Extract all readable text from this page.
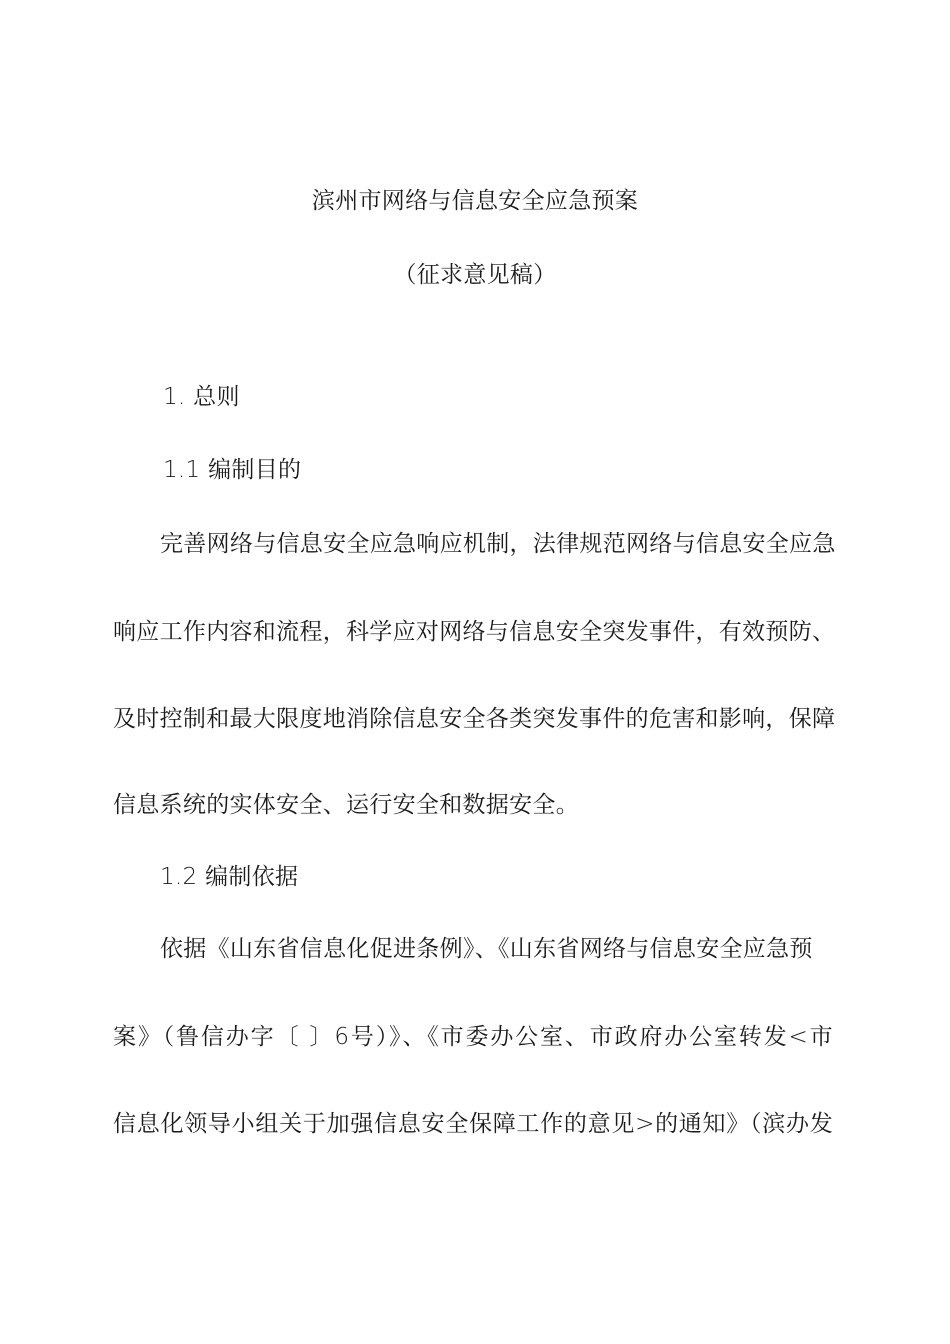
滨州市网络与信息安全应急预案
（征求意见稿）
1. 总则
1.1 编制目的
完善网络与信息安全应急响应机制，法律规范网络与信息安全应急
响应工作内容和流程，科学应对网络与信息安全突发事件，有效预防、
及时控制和最大限度地消除信息安全各类突发事件的危害和影响，保障
信息系统的实体安全、运行安全和数据安全。
1.2 编制依据
依据《山东省信息化促进条例》、《山东省网络与信息安全应急预
案》（鲁信办字〔 〕6号）》、《市委办公室、市政府办公室转发<市
信息化领导小组关于加强信息安全保障工作的意见>的通知》（滨办发
